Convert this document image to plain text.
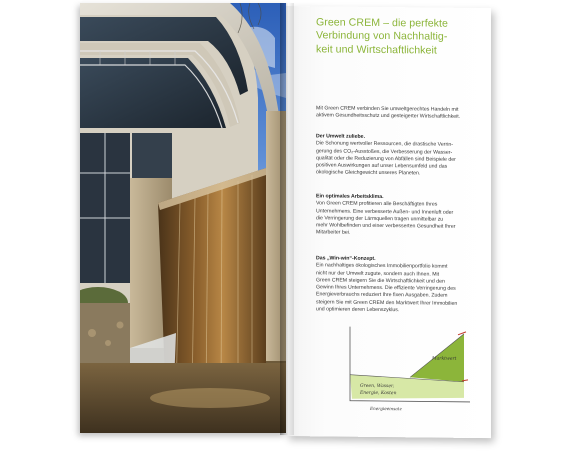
Green CREM – die perfekte
Verbindung von Nachhaltig-
keit und Wirtschaftlichkeit

Mit Green CREM verbinden Sie umweltgerechtes Handeln mit
aktivem Gesundheitsschutz und gesteigerter Wirtschaftlichkeit.

Der Umwelt zuliebe.
Die Schonung wertvoller Ressourcen, die drastische Verrin-
gerung des CO₂-Ausstoßes, die Verbesserung der Wasser-
qualität oder die Reduzierung von Abfällen sind Beispiele der
positiven Auswirkungen auf unser Lebensumfeld und das
ökologische Gleichgewicht unseres Planeten.

Ein optimales Arbeitsklima.
Von Green CREM profitieren alle Beschäftigten Ihres
Unternehmens. Eine verbesserte Außen- und Innenluft oder
die Verringerung der Lärmquellen tragen unmittelbar zu
mehr Wohlbefinden und einer verbesserten Gesundheit Ihrer
Mitarbeiter bei.

Das „Win-win“-Konzept.
Ein nachhaltiges ökologisches Immobilienportfolio kommt
nicht nur der Umwelt zugute, sondern auch Ihnen. Mit
Green CREM steigern Sie die Wirtschaftlichkeit und den
Gewinn Ihres Unternehmens. Die effiziente Verringerung des
Energieverbrauchs reduziert Ihre fixen Ausgaben. Zudem
steigern Sie mit Green CREM den Marktwert Ihrer Immobilien
und optimieren deren Lebenszyklus.

Marktwert
Green, Wasser,
Energie, Kosten
Energieeinsatz
